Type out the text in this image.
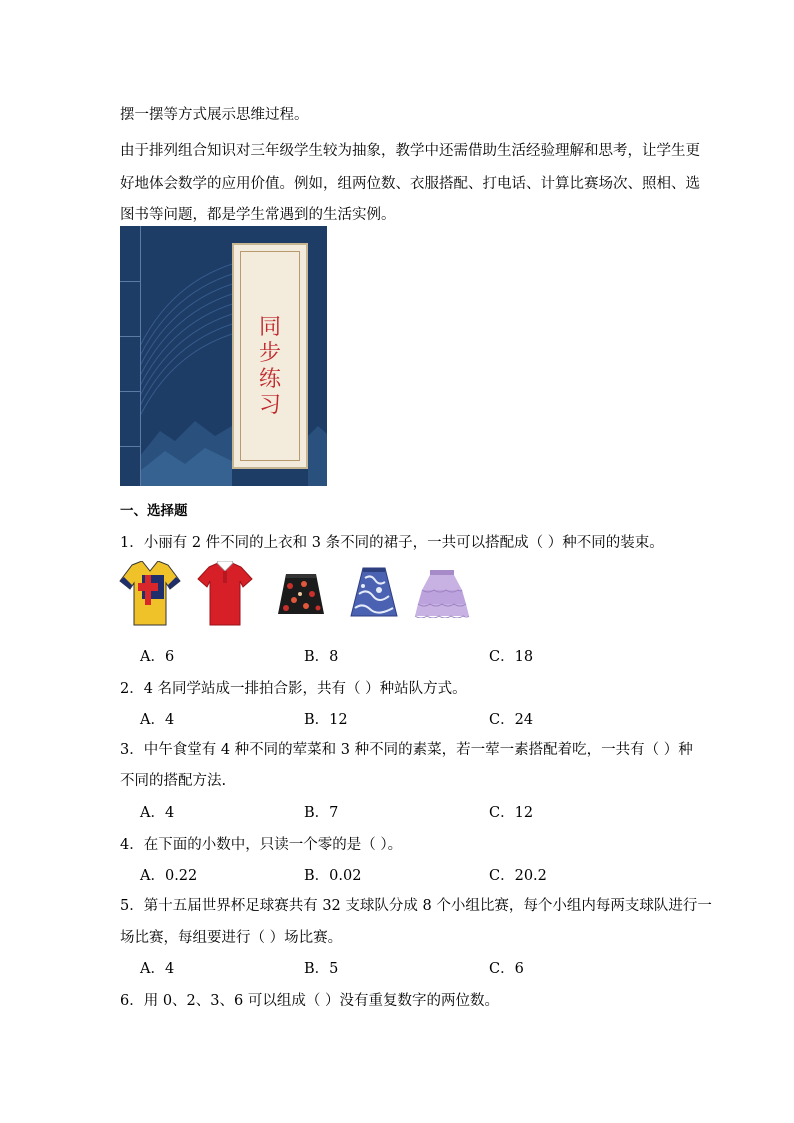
摆一摆等方式展示思维过程。
由于排列组合知识对三年级学生较为抽象，教学中还需借助生活经验理解和思考，让学生更
好地体会数学的应用价值。例如，组两位数、衣服搭配、打电话、计算比赛场次、照相、选
图书等问题，都是学生常遇到的生活实例。
同
步
练
习
一、选择题
1．小丽有 2 件不同的上衣和 3 条不同的裙子，一共可以搭配成（ ）种不同的装束。
A．6	B．8	C．18
2．4 名同学站成一排拍合影，共有（ ）种站队方式。
A．4	B．12	C．24
3．中午食堂有 4 种不同的荤菜和 3 种不同的素菜，若一荤一素搭配着吃，一共有（ ）种
不同的搭配方法.
A．4	B．7	C．12
4．在下面的小数中，只读一个零的是（ ）。
A．0.22	B．0.02	C．20.2
5．第十五届世界杯足球赛共有 32 支球队分成 8 个小组比赛，每个小组内每两支球队进行一
场比赛，每组要进行（ ）场比赛。
A．4	B．5	C．6
6．用 0、2、3、6 可以组成（ ）没有重复数字的两位数。
